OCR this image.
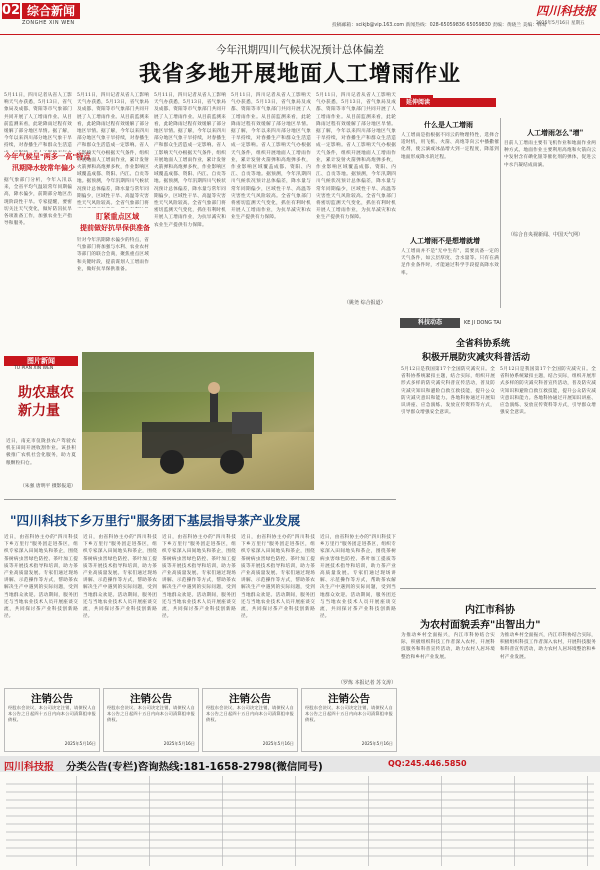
02 综合新闻
ZONGHE XIN WEN	投稿邮箱：scikjb@vip.163.com 新闻热线：028-65059836 65059830 责编：黄晓兰 美编：韩易
四川科技报
2025年5月16日 星期五
今年汛期四川气候状况预计总体偏差
我省多地开展地面人工增雨作业
5月11日，四川记者从省人工影响天气办获悉，5月13日，省气象局及成都、资阳等市气象部门共同开展了人工增雨作业。从目前监测来看，此轮降雨过程有效缓解了部分地区旱情。据了解，今年以来四川部分地区气象干旱持续，对春播生产和群众生活造
今年气候呈"两多一高"特点
汛期降水较常年偏少
据气象部门分析，今年入汛以来，全省平均气温较常年同期偏高，降水偏少，前期部分地区出现阶段性干旱。专家提醒，要密切关注天气变化，做好防汛抗旱各项准备工作，加强农业生产指导和服务。
5月11日，四川记者从省人工影响天气办获悉，5月13日，省气象局及成都、资阳等市气象部门共同开展了人工增雨作业。从目前监测来看，此轮降雨过程有效缓解了部分地区旱情。据了解，今年以来四川部分地区气象干旱持续，对春播生产和群众生活造成一定影响。省人工影响天气办根据天气条件，组织开展地面人工增雨作业，累计发射火箭弹和高炮弹多枚，作业影响区域覆盖成都、资阳、内江、自贡等地。据预测，今年汛期四川气候状况预计总体偏差，降水量与常年同期偏少，区域性干旱、高温等灾害性天气风险较高。全省气象部门将
盯紧重点区域
提前做好抗旱保供准备
针对今年汛期降水偏少的特点，省气象部门将加强与水利、农业农村等部门的联合会商，聚焦重点区域和关键时段，提前谋划人工增雨作业，做好抗旱保供准备。
5月11日，四川记者从省人工影响天气办获悉，5月13日，省气象局及成都、资阳等市气象部门共同开展了人工增雨作业。从目前监测来看，此轮降雨过程有效缓解了部分地区旱情。据了解，今年以来四川部分地区气象干旱持续，对春播生产和群众生活造成一定影响。省人工影响天气办根据天气条件，组织开展地面人工增雨作业，累计发射火箭弹和高炮弹多枚，作业影响区域覆盖成都、资阳、内江、自贡等地。据预测，今年汛期四川气候状况预计总体偏差，降水量与常年同期偏少，区域性干旱、高温等灾害性天气风险较高。全省气象部门将密切监测天气变化，抓住有利时机开展人工增雨作业，为抗旱减灾和农业生产提供有力保障。
5月11日，四川记者从省人工影响天气办获悉，5月13日，省气象局及成都、资阳等市气象部门共同开展了人工增雨作业。从目前监测来看，此轮降雨过程有效缓解了部分地区旱情。据了解，今年以来四川部分地区气象干旱持续，对春播生产和群众生活造成一定影响。省人工影响天气办根据天气条件，组织开展地面人工增雨作业，累计发射火箭弹和高炮弹多枚，作业影响区域覆盖成都、资阳、内江、自贡等地。据预测，今年汛期四川气候状况预计总体偏差，降水量与常年同期偏少，区域性干旱、高温等灾害性天气风险较高。全省气象部门将密切监测天气变化，抓住有利时机开展人工增雨作业，为抗旱减灾和农业生产提供有力保障。
5月11日，四川记者从省人工影响天气办获悉，5月13日，省气象局及成都、资阳等市气象部门共同开展了人工增雨作业。从目前监测来看，此轮降雨过程有效缓解了部分地区旱情。据了解，今年以来四川部分地区气象干旱持续，对春播生产和群众生活造成一定影响。省人工影响天气办根据天气条件，组织开展地面人工增雨作业，累计发射火箭弹和高炮弹多枚，作业影响区域覆盖成都、资阳、内江、自贡等地。据预测，今年汛期四川气候状况预计总体偏差，降水量与常年同期偏少，区域性干旱、高温等灾害性天气风险较高。全省气象部门将密切监测天气变化，抓住有利时机开展人工增雨作业，为抗旱减灾和农业生产提供有力保障。
（姚尧 综合报道）
延伸阅读
什么是人工增雨
人工增雨是指根据不同云的物理特性，选择合适时机，用飞机、火箭、高炮等向云中播撒催化剂，使云滴或冰晶增大到一定程度，降落到地面形成降水的过程。
人工增雨不是想增就增
人工增雨并不是"无中生有"，需要具备一定的天气条件，如云层厚度、含水量等。只有在满足作业条件时，才能通过科学手段提高降水效率。
人工增雨怎么"增"
目前人工增雨主要有飞机作业和地面作业两种方式。地面作业主要利用高炮和火箭向云中发射含有碘化银等催化剂的弹体，促进云中水汽凝结成雨滴。
（综合自央视新闻、中国天气网）
图片新闻
TU PIAN XIN WEN
助农惠农
新力量
近日，南充市仪陇县农户驾驶农机在田间开展收割作业。该县积极推广农机社会化服务，助力夏粮颗粒归仓。
（朱强 唐明平 摄影报道）
科技动态	KE JI DONG TAI
全省科协系统
积极开展防灾减灾科普活动
5月12日是我国第17个全国防灾减灾日。全省科协系统紧扣主题，结合实际，组织开展形式多样的防灾减灾科普宣传活动，普及防灾减灾知识和避险自救互救技能，提升公众防灾减灾意识和能力。各地科协通过开展知识讲座、应急演练、发放宣传资料等方式，引导群众增强安全意识。
5月12日是我国第17个全国防灾减灾日。全省科协系统紧扣主题，结合实际，组织开展形式多样的防灾减灾科普宣传活动，普及防灾减灾知识和避险自救互救技能，提升公众防灾减灾意识和能力。各地科协通过开展知识讲座、应急演练、发放宣传资料等方式，引导群众增强安全意识。
内江市科协
为农村面貌丢弃"出智出力"
为推动乡村全面振兴，内江市科协结合实际，积极组织科技工作者深入农村，开展科技服务和科普宣传活动，助力农村人居环境整治和乡村产业发展。
为推动乡村全面振兴，内江市科协结合实际，积极组织科技工作者深入农村，开展科技服务和科普宣传活动，助力农村人居环境整治和乡村产业发展。
"四川科技下乡万里行"服务团下基层指导茶产业发展
近日，由省科协主办的"四川科技下乡万里行"服务团走进茶区，组织专家深入田间地头和茶企，围绕茶树病虫害绿色防控、茶叶加工提质等开展技术指导和培训，助力茶产业高质量发展。专家们通过现场讲解、示范操作等方式，帮助茶农解决生产中遇到的实际问题，受到当地群众欢迎。活动期间，服务团还与当地农业技术人员开展座谈交流，共同探讨茶产业科技创新路径。
近日，由省科协主办的"四川科技下乡万里行"服务团走进茶区，组织专家深入田间地头和茶企，围绕茶树病虫害绿色防控、茶叶加工提质等开展技术指导和培训，助力茶产业高质量发展。专家们通过现场讲解、示范操作等方式，帮助茶农解决生产中遇到的实际问题，受到当地群众欢迎。活动期间，服务团还与当地农业技术人员开展座谈交流，共同探讨茶产业科技创新路径。
近日，由省科协主办的"四川科技下乡万里行"服务团走进茶区，组织专家深入田间地头和茶企，围绕茶树病虫害绿色防控、茶叶加工提质等开展技术指导和培训，助力茶产业高质量发展。专家们通过现场讲解、示范操作等方式，帮助茶农解决生产中遇到的实际问题，受到当地群众欢迎。活动期间，服务团还与当地农业技术人员开展座谈交流，共同探讨茶产业科技创新路径。
近日，由省科协主办的"四川科技下乡万里行"服务团走进茶区，组织专家深入田间地头和茶企，围绕茶树病虫害绿色防控、茶叶加工提质等开展技术指导和培训，助力茶产业高质量发展。专家们通过现场讲解、示范操作等方式，帮助茶农解决生产中遇到的实际问题，受到当地群众欢迎。活动期间，服务团还与当地农业技术人员开展座谈交流，共同探讨茶产业科技创新路径。
近日，由省科协主办的"四川科技下乡万里行"服务团走进茶区，组织专家深入田间地头和茶企，围绕茶树病虫害绿色防控、茶叶加工提质等开展技术指导和培训，助力茶产业高质量发展。专家们通过现场讲解、示范操作等方式，帮助茶农解决生产中遇到的实际问题，受到当地群众欢迎。活动期间，服务团还与当地农业技术人员开展座谈交流，共同探讨茶产业科技创新路径。
（罗炼 本报记者 苏文涛）
注销公告
经股东会决议，本公司决定注销，请债权人自本公告之日起四十五日内向本公司清算组申报债权。
2025年5月16日
注销公告
经股东会决议，本公司决定注销，请债权人自本公告之日起四十五日内向本公司清算组申报债权。
2025年5月16日
注销公告
经股东会决议，本公司决定注销，请债权人自本公告之日起四十五日内向本公司清算组申报债权。
2025年5月16日
注销公告
经股东会决议，本公司决定注销，请债权人自本公告之日起四十五日内向本公司清算组申报债权。
2025年5月16日
四川科技报 分类公告(专栏)咨询热线:181-1658-2798(微信同号)	QQ:245.446.5850
